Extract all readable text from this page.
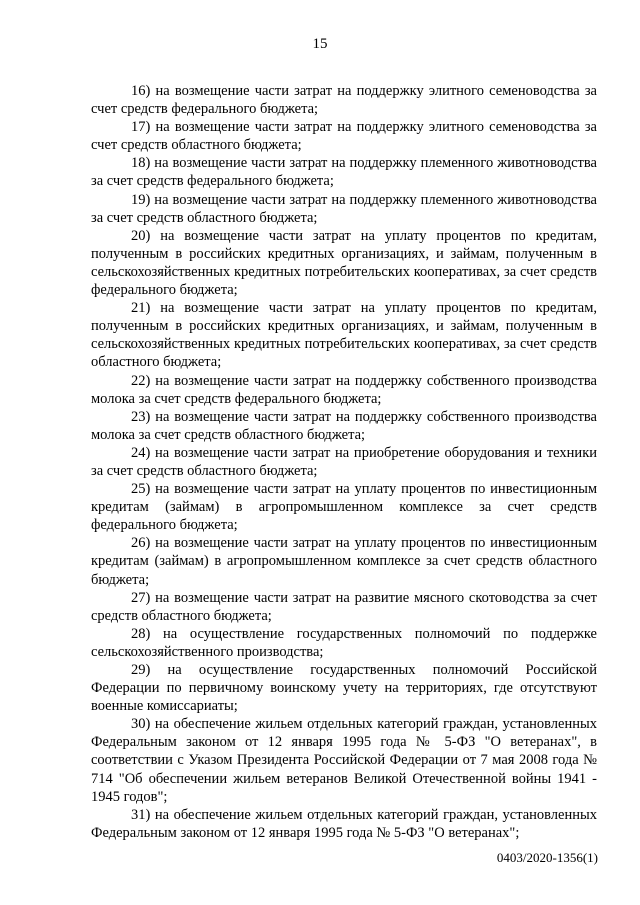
15

16) на возмещение части затрат на поддержку элитного семеноводства за счет средств федерального бюджета;

17) на возмещение части затрат на поддержку элитного семеноводства за счет средств областного бюджета;

18) на возмещение части затрат на поддержку племенного животноводства за счет средств федерального бюджета;

19) на возмещение части затрат на поддержку племенного животноводства за счет средств областного бюджета;

20) на возмещение части затрат на уплату процентов по кредитам, полученным в российских кредитных организациях, и займам, полученным в сельскохозяйственных кредитных потребительских кооперативах, за счет средств федерального бюджета;

21) на возмещение части затрат на уплату процентов по кредитам, полученным в российских кредитных организациях, и займам, полученным в сельскохозяйственных кредитных потребительских кооперативах, за счет средств областного бюджета;

22) на возмещение части затрат на поддержку собственного производства молока за счет средств федерального бюджета;

23) на возмещение части затрат на поддержку собственного производства молока за счет средств областного бюджета;

24) на возмещение части затрат на приобретение оборудования и техники за счет средств областного бюджета;

25) на возмещение части затрат на уплату процентов по инвестиционным кредитам (займам) в агропромышленном комплексе за счет средств федерального бюджета;

26) на возмещение части затрат на уплату процентов по инвестиционным кредитам (займам) в агропромышленном комплексе за счет средств областного бюджета;

27) на возмещение части затрат на развитие мясного скотоводства за счет средств областного бюджета;

28) на осуществление государственных полномочий по поддержке сельскохозяйственного производства;

29) на осуществление государственных полномочий Российской Федерации по первичному воинскому учету на территориях, где отсутствуют военные комиссариаты;

30) на обеспечение жильем отдельных категорий граждан, установленных Федеральным законом от 12 января 1995 года № 5-ФЗ "О ветеранах", в соответствии с Указом Президента Российской Федерации от 7 мая 2008 года № 714 "Об обеспечении жильем ветеранов Великой Отечественной войны 1941 - 1945 годов";

31) на обеспечение жильем отдельных категорий граждан, установленных Федеральным законом от 12 января 1995 года № 5-ФЗ "О ветеранах";

0403/2020-1356(1)
